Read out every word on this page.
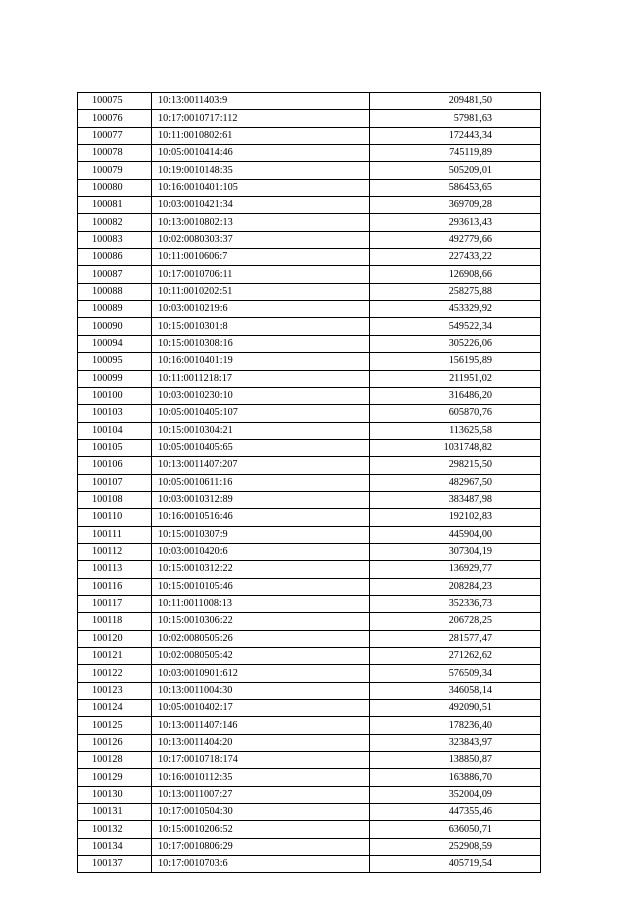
100075	10:13:0011403:9	209481,50
100076	10:17:0010717:112	57981,63
100077	10:11:0010802:61	172443,34
100078	10:05:0010414:46	745119,89
100079	10:19:0010148:35	505209,01
100080	10:16:0010401:105	586453,65
100081	10:03:0010421:34	369709,28
100082	10:13:0010802:13	293613,43
100083	10:02:0080303:37	492779,66
100086	10:11:0010606:7	227433,22
100087	10:17:0010706:11	126908,66
100088	10:11:0010202:51	258275,88
100089	10:03:0010219:6	453329,92
100090	10:15:0010301:8	549522,34
100094	10:15:0010308:16	305226,06
100095	10:16:0010401:19	156195,89
100099	10:11:0011218:17	211951,02
100100	10:03:0010230:10	316486,20
100103	10:05:0010405:107	605870,76
100104	10:15:0010304:21	113625,58
100105	10:05:0010405:65	1031748,82
100106	10:13:0011407:207	298215,50
100107	10:05:0010611:16	482967,50
100108	10:03:0010312:89	383487,98
100110	10:16:0010516:46	192102,83
100111	10:15:0010307:9	445904,00
100112	10:03:0010420:6	307304,19
100113	10:15:0010312:22	136929,77
100116	10:15:0010105:46	208284,23
100117	10:11:0011008:13	352336,73
100118	10:15:0010306:22	206728,25
100120	10:02:0080505:26	281577,47
100121	10:02:0080505:42	271262,62
100122	10:03:0010901:612	576509,34
100123	10:13:0011004:30	346058,14
100124	10:05:0010402:17	492090,51
100125	10:13:0011407:146	178236,40
100126	10:13:0011404:20	323843,97
100128	10:17:0010718:174	138850,87
100129	10:16:0010112:35	163886,70
100130	10:13:0011007:27	352004,09
100131	10:17:0010504:30	447355,46
100132	10:15:0010206:52	636050,71
100134	10:17:0010806:29	252908,59
100137	10:17:0010703:6	405719,54
